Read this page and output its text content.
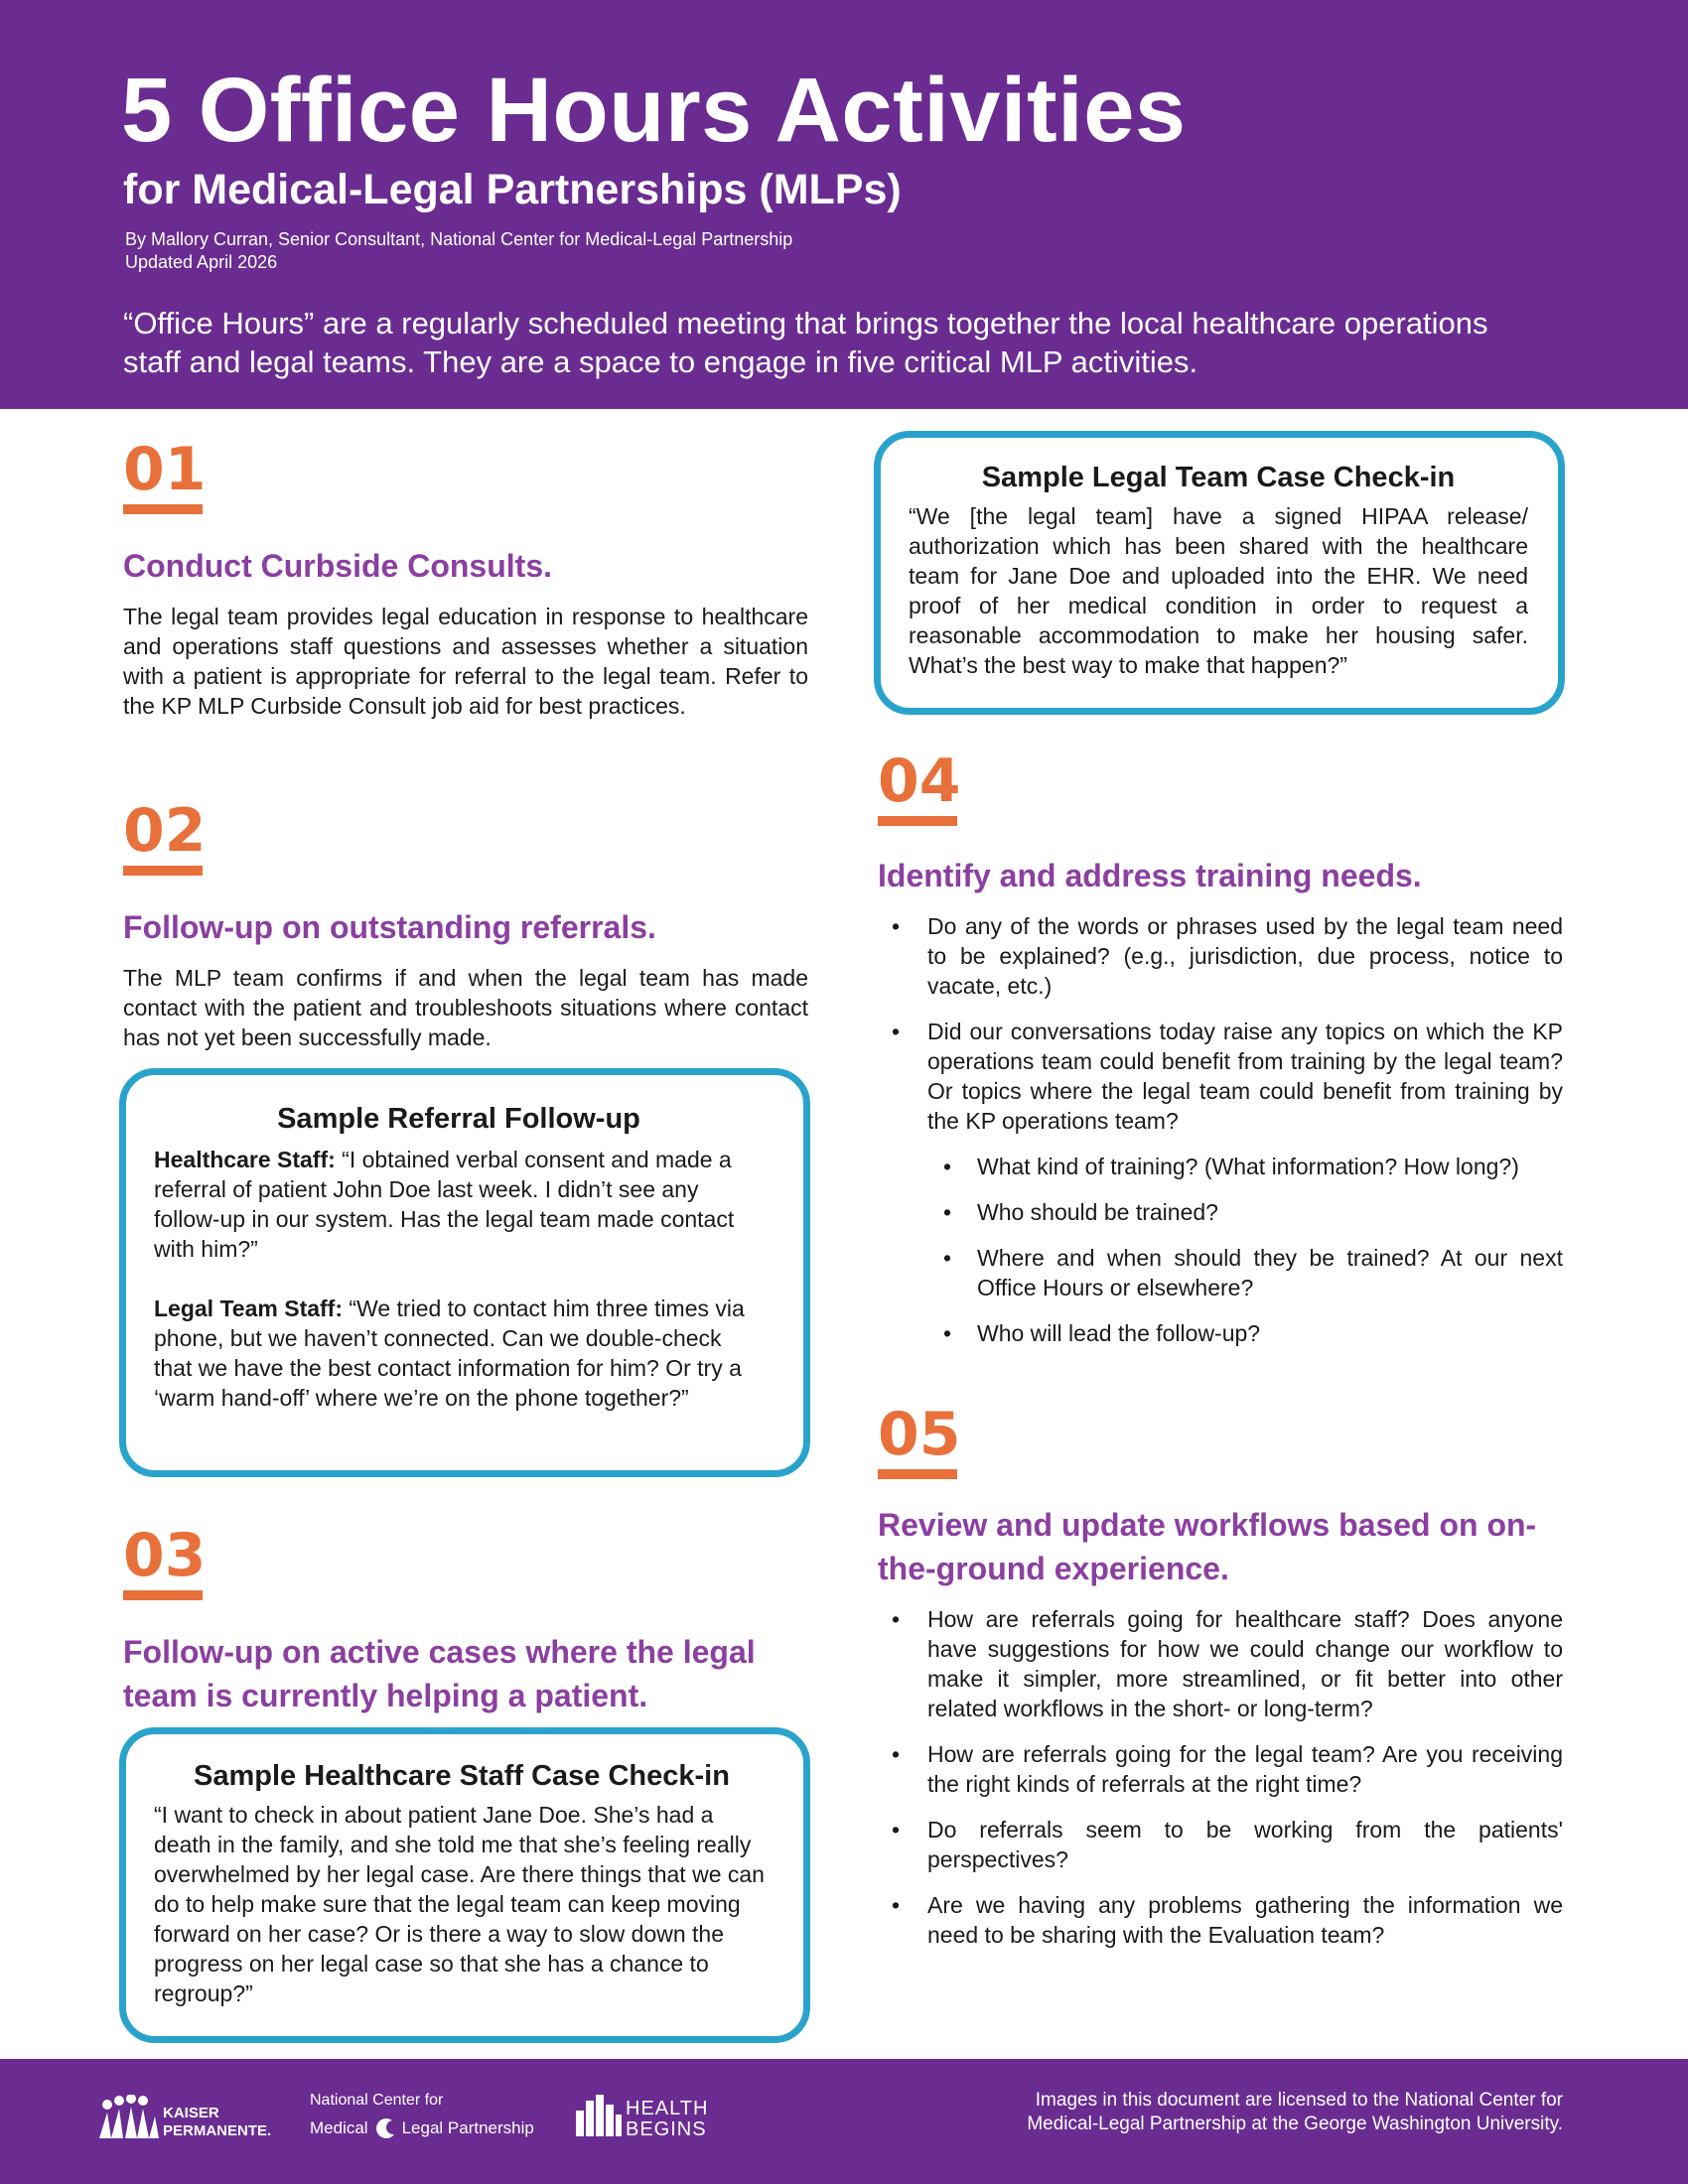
5 Office Hours Activities
for Medical-Legal Partnerships (MLPs)
By Mallory Curran, Senior Consultant, National Center for Medical-Legal Partnership
Updated April 2026
“Office Hours” are a regularly scheduled meeting that brings together the local healthcare operations staff and legal teams. They are a space to engage in five critical MLP activities.
01
Conduct Curbside Consults.
The legal team provides legal education in response to healthcare and operations staff questions and assesses whether a situation with a patient is appropriate for referral to the legal team. Refer to the KP MLP Curbside Consult job aid for best practices.
02
Follow-up on outstanding referrals.
The MLP team confirms if and when the legal team has made contact with the patient and troubleshoots situations where contact has not yet been successfully made.
Sample Referral Follow-up
Healthcare Staff: “I obtained verbal consent and made a referral of patient John Doe last week. I didn’t see any follow-up in our system. Has the legal team made contact with him?”
Legal Team Staff: “We tried to contact him three times via phone, but we haven’t connected. Can we double-check that we have the best contact information for him? Or try a ‘warm hand-off’ where we’re on the phone together?”
03
Follow-up on active cases where the legal team is currently helping a patient.
Sample Healthcare Staff Case Check-in
“I want to check in about patient Jane Doe. She’s had a death in the family, and she told me that she’s feeling really overwhelmed by her legal case. Are there things that we can do to help make sure that the legal team can keep moving forward on her case? Or is there a way to slow down the progress on her legal case so that she has a chance to regroup?”
Sample Legal Team Case Check-in
“We [the legal team] have a signed HIPAA release/ authorization which has been shared with the healthcare team for Jane Doe and uploaded into the EHR. We need proof of her medical condition in order to request a reasonable accommodation to make her housing safer. What’s the best way to make that happen?”
04
Identify and address training needs.
• Do any of the words or phrases used by the legal team need to be explained? (e.g., jurisdiction, due process, notice to vacate, etc.)
• Did our conversations today raise any topics on which the KP operations team could benefit from training by the legal team? Or topics where the legal team could benefit from training by the KP operations team?
• What kind of training? (What information? How long?)
• Who should be trained?
• Where and when should they be trained? At our next Office Hours or elsewhere?
• Who will lead the follow-up?
05
Review and update workflows based on on-the-ground experience.
• How are referrals going for healthcare staff? Does anyone have suggestions for how we could change our workflow to make it simpler, more streamlined, or fit better into other related workflows in the short- or long-term?
• How are referrals going for the legal team? Are you receiving the right kinds of referrals at the right time?
• Do referrals seem to be working from the patients' perspectives?
• Are we having any problems gathering the information we need to be sharing with the Evaluation team?
KAISER
PERMANENTE.
National Center for
Medical Legal Partnership
HEALTH
BEGINS
Images in this document are licensed to the National Center for Medical-Legal Partnership at the George Washington University.
